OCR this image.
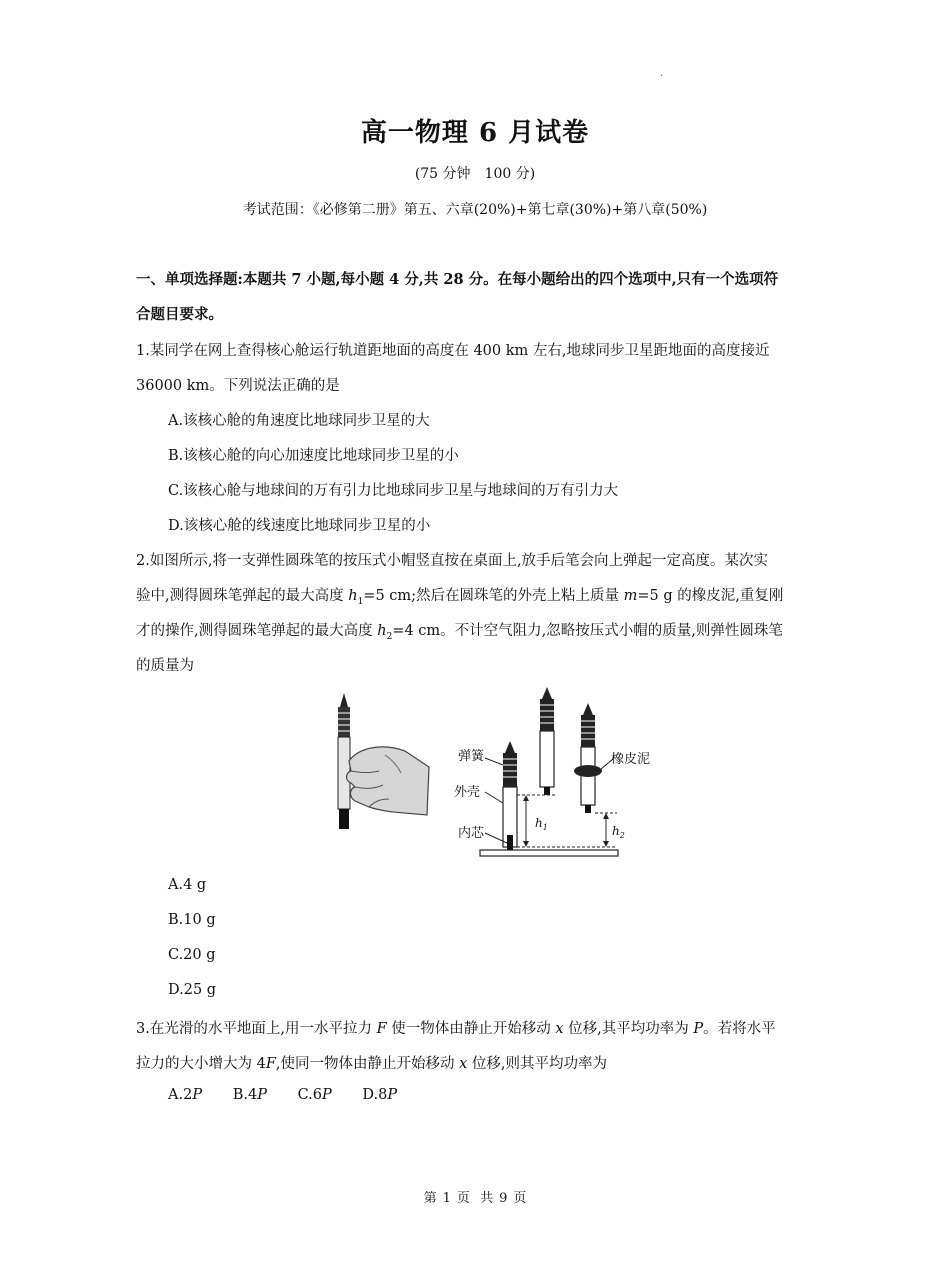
.
高一物理 6 月试卷
(75 分钟　100 分)
考试范围：《必修第二册》第五、六章(20%)+第七章(30%)+第八章(50%)
一、单项选择题:本题共 7 小题,每小题 4 分,共 28 分。在每小题给出的四个选项中,只有一个选项符
合题目要求。
1.某同学在网上查得核心舱运行轨道距地面的高度在 400 km 左右,地球同步卫星距地面的高度接近
36000 km。下列说法正确的是
A.该核心舱的角速度比地球同步卫星的大
B.该核心舱的向心加速度比地球同步卫星的小
C.该核心舱与地球间的万有引力比地球同步卫星与地球间的万有引力大
D.该核心舱的线速度比地球同步卫星的小
2.如图所示,将一支弹性圆珠笔的按压式小帽竖直按在桌面上,放手后笔会向上弹起一定高度。某次实
验中,测得圆珠笔弹起的最大高度 $h_1=5$ cm;然后在圆珠笔的外壳上粘上质量 m=5 g 的橡皮泥,重复刚
才的操作,测得圆珠笔弹起的最大高度 $h_2=4$ cm。不计空气阻力,忽略按压式小帽的质量,则弹性圆珠笔
的质量为
弹簧
外壳
内芯
橡皮泥
$h_1$	$h_2$
A.4 g
B.10 g
C.20 g
D.25 g
3.在光滑的水平地面上,用一水平拉力 F 使一物体由静止开始移动 x 位移,其平均功率为 P。若将水平
拉力的大小增大为 4F,使同一物体由静止开始移动 x 位移,则其平均功率为
A.2P B.4P C.6P D.8P
第 1 页 共 9 页
